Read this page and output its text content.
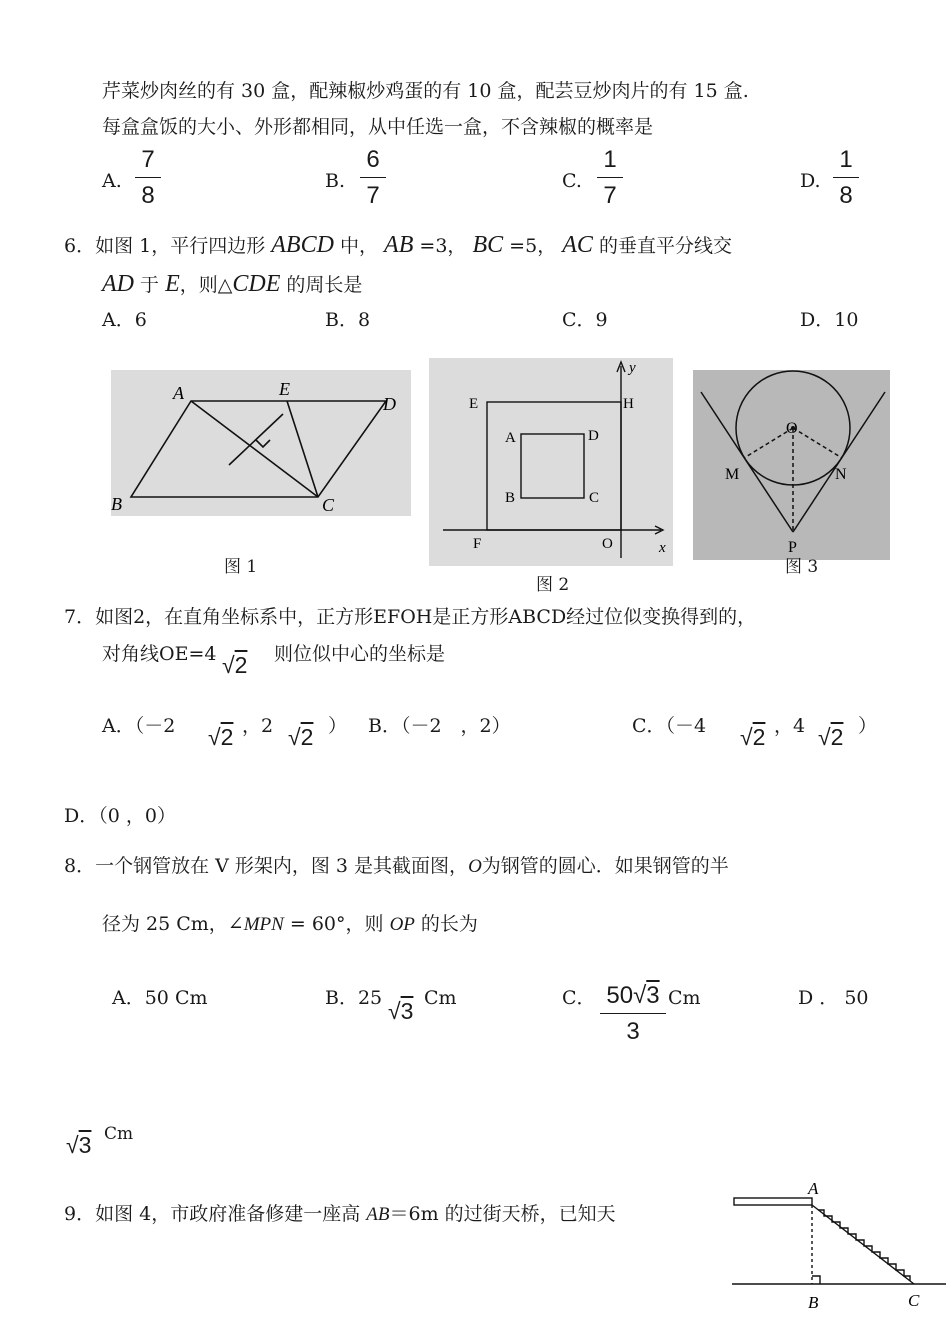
芹菜炒肉丝的有 30 盒，配辣椒炒鸡蛋的有 10 盒，配芸豆炒肉片的有 15 盒.
每盒盒饭的大小、外形都相同，从中任选一盒，不含辣椒的概率是
A.
7
8
B.
6
7
C.
1
7
D.
1
8
6．如图 1，平行四边形 ABCD 中， AB =3， BC =5， AC 的垂直平分线交
AD 于 E，则△CDE 的周长是
A．6	B．8	C．9	D．10
A	E
D
B	C
图 1
E	H
F	O
A	D
B	C
x
y
图 2
O
M	N
P
图 3
7．如图2，在直角坐标系中，正方形EFOH是正方形ABCD经过位似变换得到的，
对角线OE=4 √2 则位似中心的坐标是
A．（－2 √2 ，2 √2 ） B．（－2　，2）	C．（－4 √2 ，4 √2 ）
D．（0 ，0）
8．一个钢管放在 V 形架内，图 3 是其截面图，O为钢管的圆心．如果钢管的半
径为 25 Cm，∠MPN = 60°，则 OP 的长为
A．50 Cm	B．25 √3 Cm	C． 50√3
3
Cm	D ． 50
√3 Cm
9．如图 4，市政府准备修建一座高 AB＝6m 的过街天桥，已知天
A
B	C
